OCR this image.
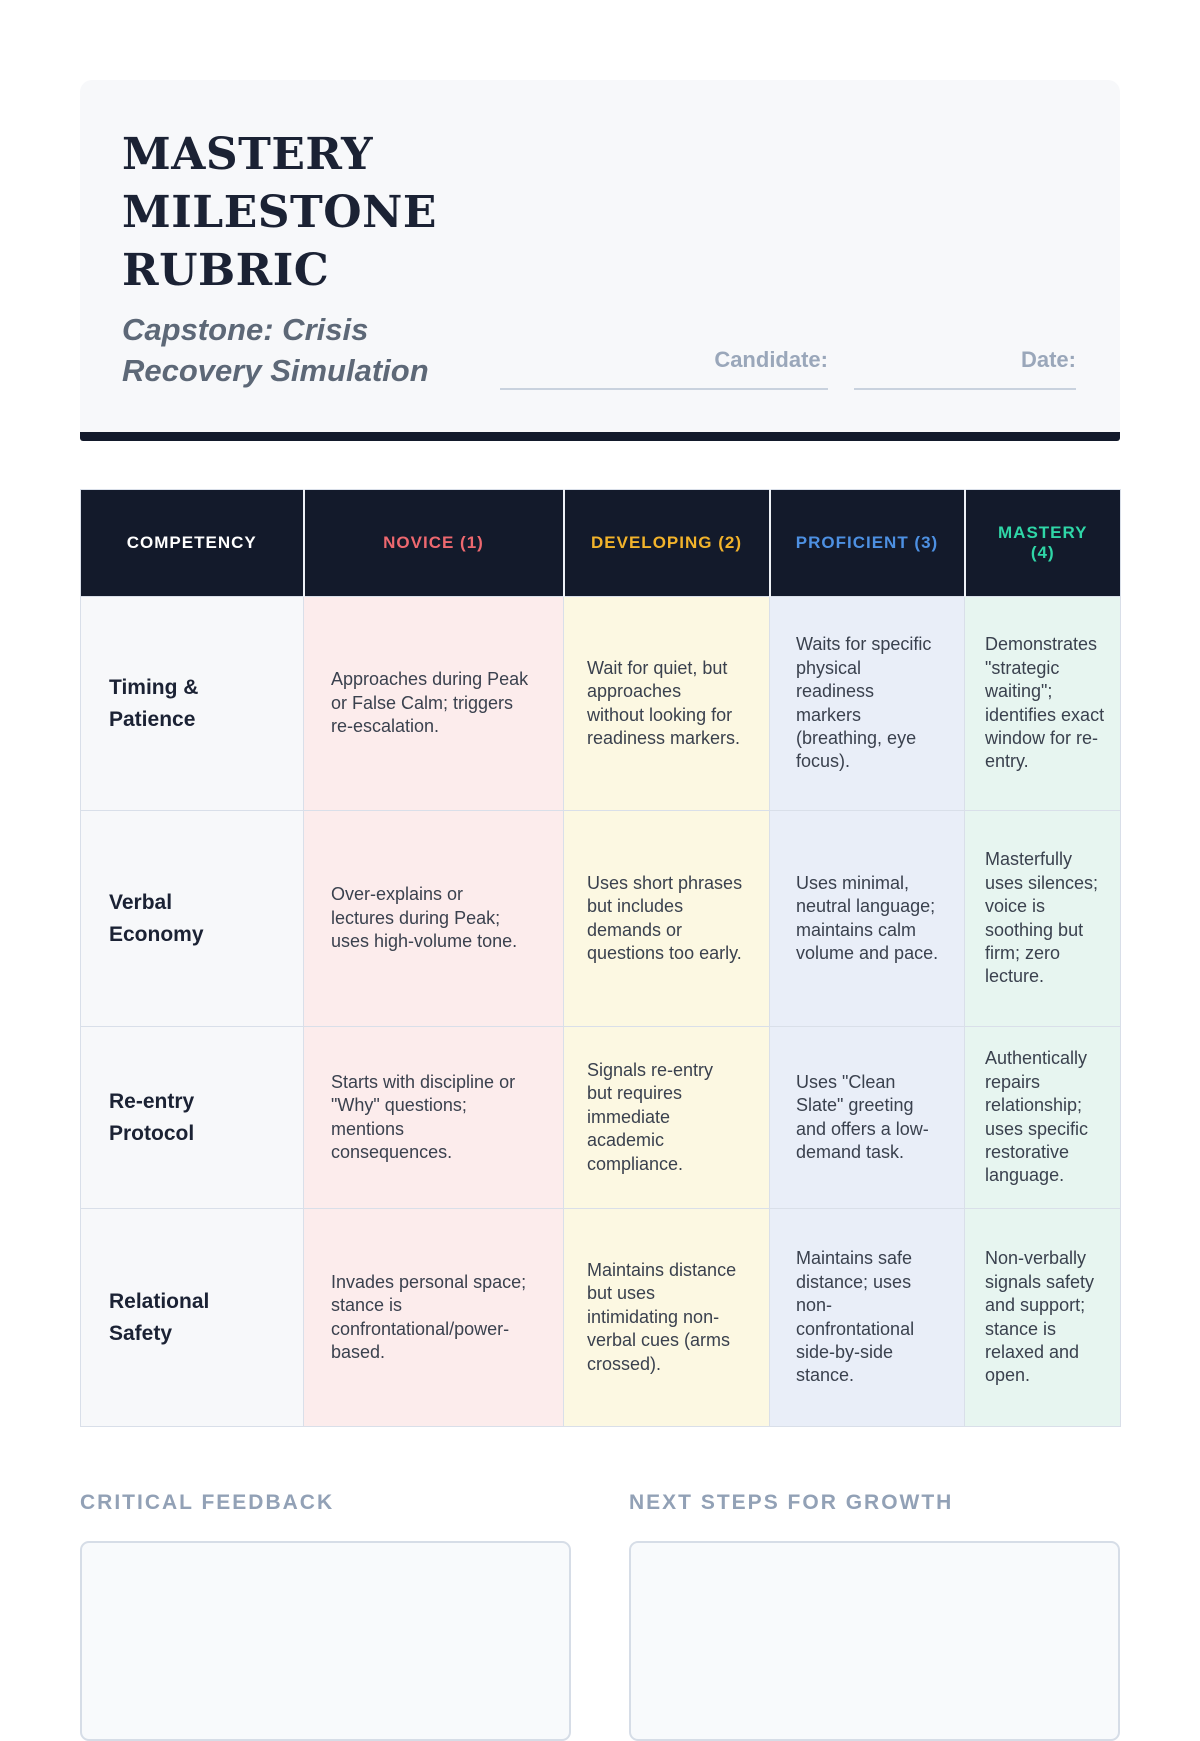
MASTERY MILESTONE RUBRIC

Capstone: Crisis Recovery Simulation	Candidate:	Date:
COMPETENCY	NOVICE (1)	DEVELOPING (2)	PROFICIENT (3)	MASTERY (4)
Timing & Patience	Approaches during Peak or False Calm; triggers re-escalation.	Wait for quiet, but approaches without looking for readiness markers.	Waits for specific physical readiness markers (breathing, eye focus).	Demonstrates "strategic waiting"; identifies exact window for re-entry.
Verbal Economy	Over-explains or lectures during Peak; uses high-volume tone.	Uses short phrases but includes demands or questions too early.	Uses minimal, neutral language; maintains calm volume and pace.	Masterfully uses silences; voice is soothing but firm; zero lecture.
Re-entry Protocol	Starts with discipline or "Why" questions; mentions consequences.	Signals re-entry but requires immediate academic compliance.	Uses "Clean Slate" greeting and offers a low-demand task.	Authentically repairs relationship; uses specific restorative language.
Relational Safety	Invades personal space; stance is confrontational/power-based.	Maintains distance but uses intimidating non-verbal cues (arms crossed).	Maintains safe distance; uses non-confrontational side-by-side stance.	Non-verbally signals safety and support; stance is relaxed and open.
CRITICAL FEEDBACK	NEXT STEPS FOR GROWTH
